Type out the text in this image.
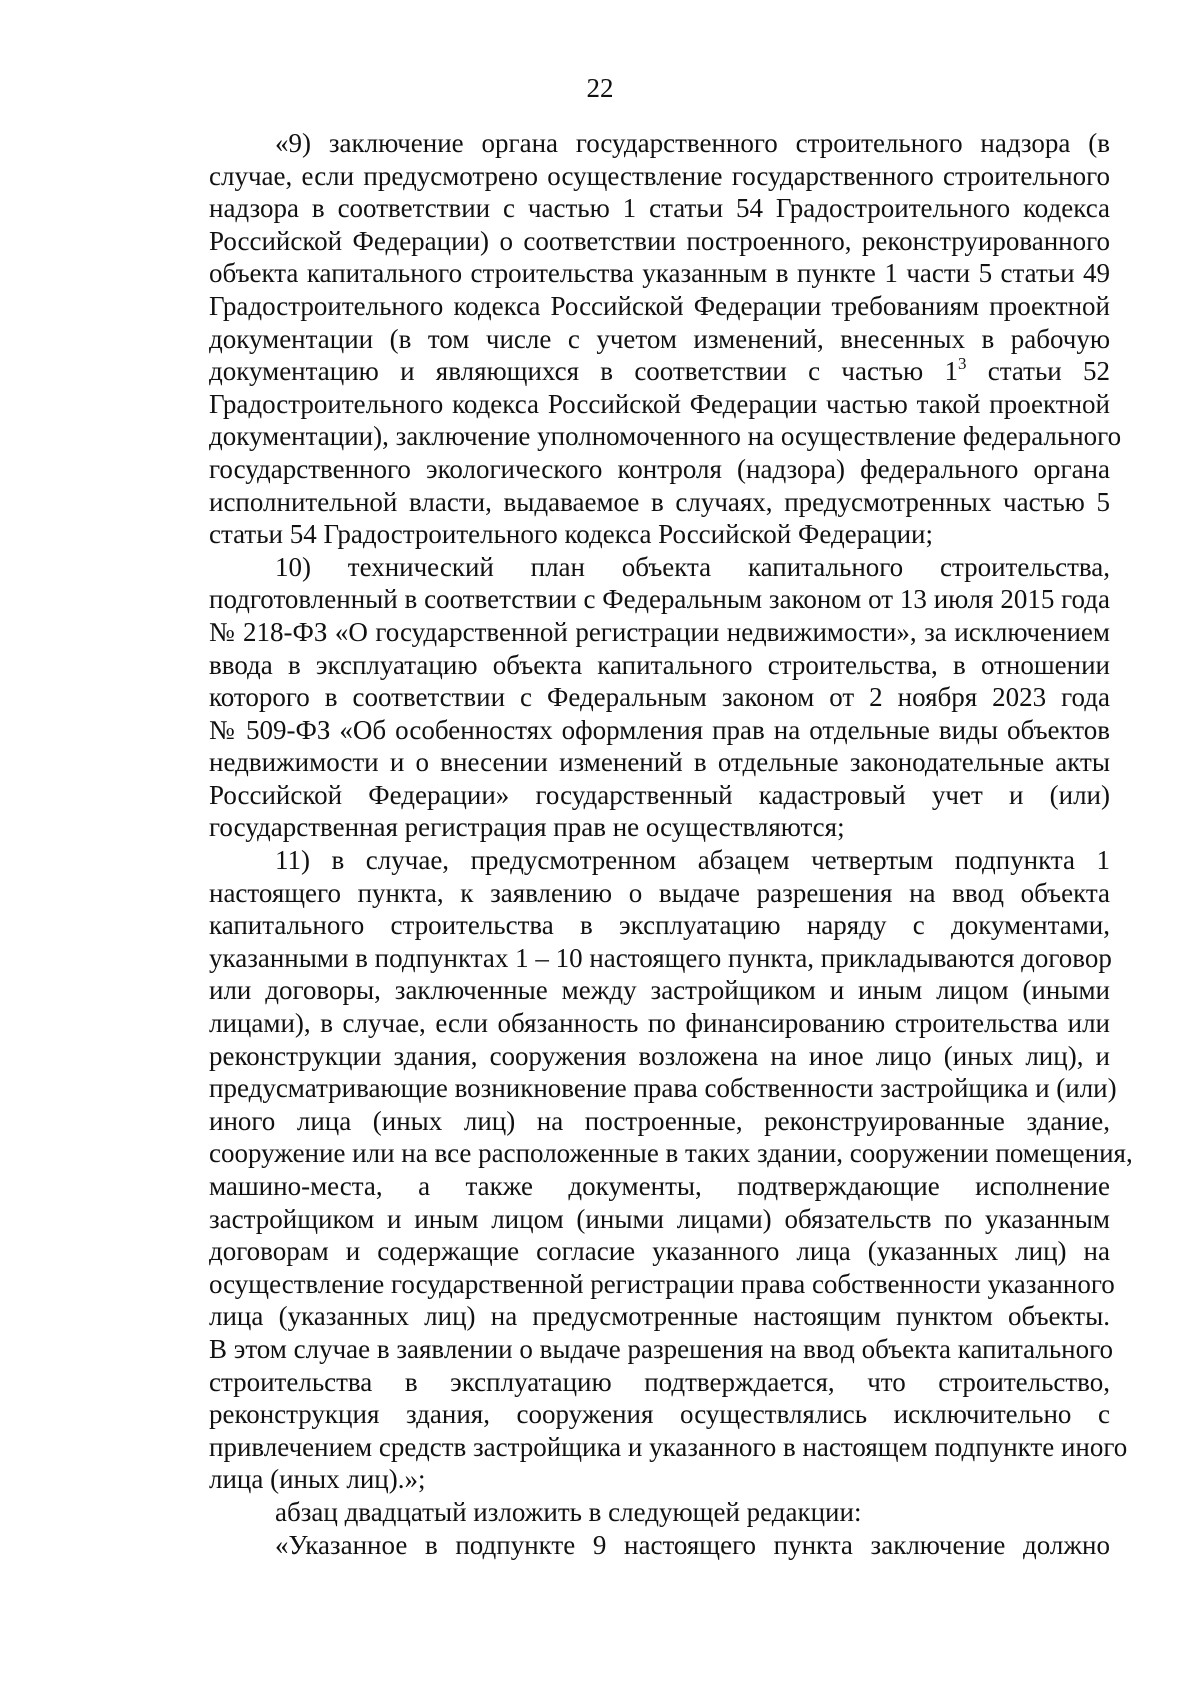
22
«9) заключение органа государственного строительного надзора (в
случае, если предусмотрено осуществление государственного строительного
надзора в соответствии с частью 1 статьи 54 Градостроительного кодекса
Российской Федерации) о соответствии построенного, реконструированного
объекта капитального строительства указанным в пункте 1 части 5 статьи 49
Градостроительного кодекса Российской Федерации требованиям проектной
документации (в том числе с учетом изменений, внесенных в рабочую
документацию и являющихся в соответствии с частью $1^3$ статьи 52
Градостроительного кодекса Российской Федерации частью такой проектной
документации), заключение уполномоченного на осуществление федерального
государственного экологического контроля (надзора) федерального органа
исполнительной власти, выдаваемое в случаях, предусмотренных частью 5
статьи 54 Градостроительного кодекса Российской Федерации;
10) технический план объекта капитального строительства,
подготовленный в соответствии с Федеральным законом от 13 июля 2015 года
№ 218-ФЗ «О государственной регистрации недвижимости», за исключением
ввода в эксплуатацию объекта капитального строительства, в отношении
которого в соответствии с Федеральным законом от 2 ноября 2023 года
№ 509-ФЗ «Об особенностях оформления прав на отдельные виды объектов
недвижимости и о внесении изменений в отдельные законодательные акты
Российской Федерации» государственный кадастровый учет и (или)
государственная регистрация прав не осуществляются;
11) в случае, предусмотренном абзацем четвертым подпункта 1
настоящего пункта, к заявлению о выдаче разрешения на ввод объекта
капитального строительства в эксплуатацию наряду с документами,
указанными в подпунктах 1 – 10 настоящего пункта, прикладываются договор
или договоры, заключенные между застройщиком и иным лицом (иными
лицами), в случае, если обязанность по финансированию строительства или
реконструкции здания, сооружения возложена на иное лицо (иных лиц), и
предусматривающие возникновение права собственности застройщика и (или)
иного лица (иных лиц) на построенные, реконструированные здание,
сооружение или на все расположенные в таких здании, сооружении помещения,
машино-места, а также документы, подтверждающие исполнение
застройщиком и иным лицом (иными лицами) обязательств по указанным
договорам и содержащие согласие указанного лица (указанных лиц) на
осуществление государственной регистрации права собственности указанного
лица (указанных лиц) на предусмотренные настоящим пунктом объекты.
В этом случае в заявлении о выдаче разрешения на ввод объекта капитального
строительства в эксплуатацию подтверждается, что строительство,
реконструкция здания, сооружения осуществлялись исключительно с
привлечением средств застройщика и указанного в настоящем подпункте иного
лица (иных лиц).»;
абзац двадцатый изложить в следующей редакции:
«Указанное в подпункте 9 настоящего пункта заключение должно
